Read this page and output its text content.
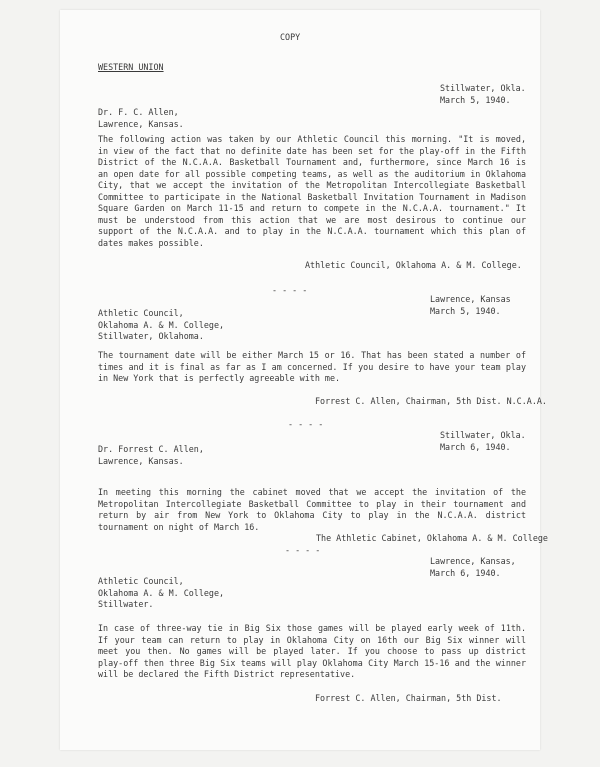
COPY
WESTERN UNION
Stillwater, Okla.
March 5, 1940.
Dr. F. C. Allen,
Lawrence, Kansas.
The following action was taken by our Athletic Council this morning. "It is moved, in view of the fact that no definite date has been set for the play-off in the Fifth District of the N.C.A.A. Basketball Tournament and, furthermore, since March 16 is an open date for all possible competing teams, as well as the auditorium in Oklahoma City, that we accept the invitation of the Metropolitan Intercollegiate Basketball Committee to participate in the National Basketball Invitation Tournament in Madison Square Garden on March 11-15 and return to compete in the N.C.A.A. tournament." It must be understood from this action that we are most desirous to continue our support of the N.C.A.A. and to play in the N.C.A.A. tournament which this plan of dates makes possible.
Athletic Council, Oklahoma A. & M. College.
- - - -
Lawrence, Kansas
March 5, 1940.
Athletic Council,
Oklahoma A. & M. College,
Stillwater, Oklahoma.
The tournament date will be either March 15 or 16. That has been stated a number of times and it is final as far as I am concerned. If you desire to have your team play in New York that is perfectly agreeable with me.
Forrest C. Allen, Chairman, 5th Dist. N.C.A.A.
- - - -
Stillwater, Okla.
March 6, 1940.
Dr. Forrest C. Allen,
Lawrence, Kansas.
In meeting this morning the cabinet moved that we accept the invitation of the Metropolitan Intercollegiate Basketball Committee to play in their tournament and return by air from New York to Oklahoma City to play in the N.C.A.A. district tournament on night of March 16.
The Athletic Cabinet, Oklahoma A. & M. College
- - - -
Lawrence, Kansas,
March 6, 1940.
Athletic Council,
Oklahoma A. & M. College,
Stillwater.
In case of three-way tie in Big Six those games will be played early week of 11th. If your team can return to play in Oklahoma City on 16th our Big Six winner will meet you then. No games will be played later. If you choose to pass up district play-off then three Big Six teams will play Oklahoma City March 15-16 and the winner will be declared the Fifth District representative.
Forrest C. Allen, Chairman, 5th Dist.
